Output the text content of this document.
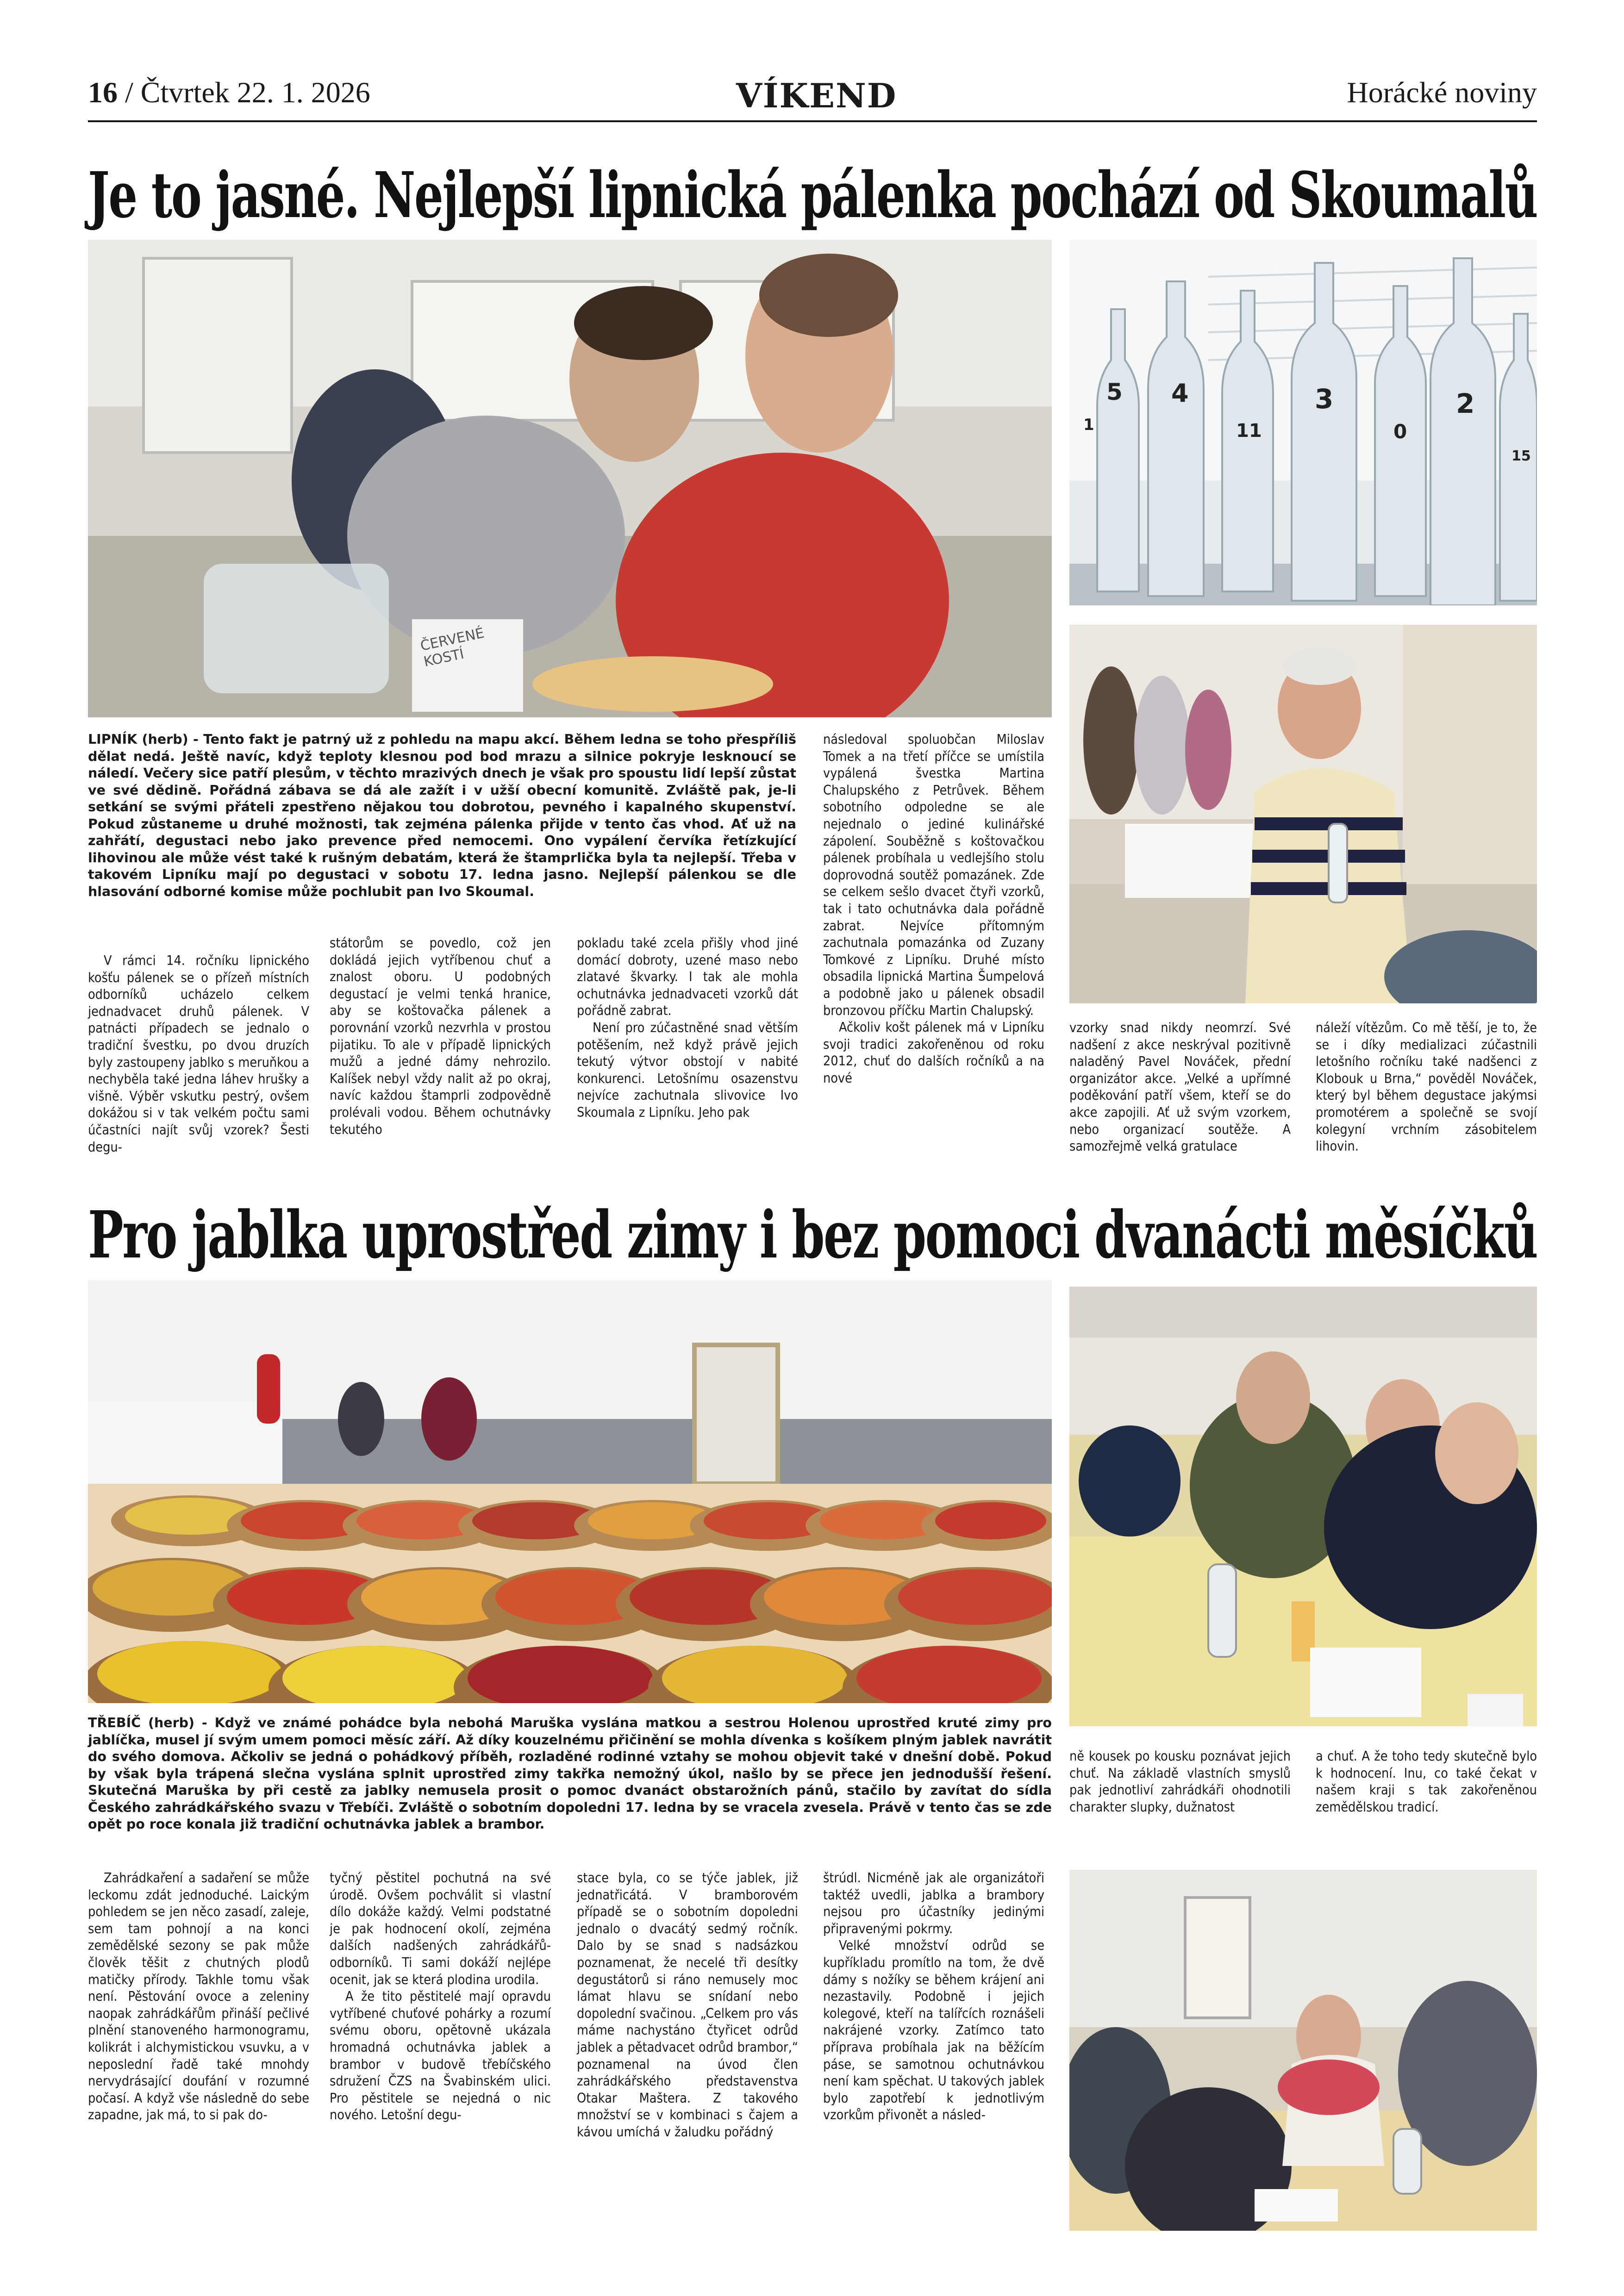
16 / Čtvrtek 22. 1. 2026	VÍKEND	Horácké noviny
Je to jasné. Nejlepší lipnická pálenka pochází od Skoumalů
ČERVENÉ KOSTÍ
5 4
11
3
0
2
15
1
LIPNÍK (herb) - Tento fakt je patrný už z pohledu na mapu akcí. Během ledna se toho přespříliš dělat nedá. Ještě navíc, když teploty klesnou pod bod mrazu a silnice pokryje lesknoucí se náledí. Večery sice patří plesům, v těchto mrazivých dnech je však pro spoustu lidí lepší zůstat ve své dědině. Pořádná zábava se dá ale zažít i v užší obecní komunitě. Zvláště pak, je-li setkání se svými přáteli zpestřeno nějakou tou dobrotou, pevného i kapalného skupenství. Pokud zůstaneme u druhé možnosti, tak zejména pálenka přijde v tento čas vhod. Ať už na zahřátí, degustaci nebo jako prevence před nemocemi. Ono vypálení červíka řetízkující lihovinou ale může vést také k rušným debatám, která že štamprlička byla ta nejlepší. Třeba v takovém Lipníku mají po degustaci v sobotu 17. ledna jasno. Nejlepší pálenkou se dle hlasování odborné komise může pochlubit pan Ivo Skoumal.

V rámci 14. ročníku lipnického košťu pálenek se o přízeň místních odborníků ucházelo celkem jednadvacet druhů pálenek. V patnácti případech se jednalo o tradiční švestku, po dvou druzích byly zastoupeny jablko s meruňkou a nechyběla také jedna láhev hrušky a višně. Výběr vskutku pestrý, ovšem dokážou si v tak velkém počtu sami účastníci najít svůj vzorek? Šesti degu-

státorům se povedlo, což jen dokládá jejich vytříbenou chuť a znalost oboru. U podobných degustací je velmi tenká hranice, aby se koštovačka pálenek a porovnání vzorků nezvrhla v prostou pijatiku. To ale v případě lipnických mužů a jedné dámy nehrozilo. Kalíšek nebyl vždy nalit až po okraj, navíc každou štamprli zodpovědně prolévali vodou. Během ochutnávky tekutého

pokladu také zcela přišly vhod jiné domácí dobroty, uzené maso nebo zlatavé škvarky. I tak ale mohla ochutnávka jednadvaceti vzorků dát pořádně zabrat.

Není pro zúčastněné snad větším potěšením, než když právě jejich tekutý výtvor obstojí v nabité konkurenci. Letošnímu osazenstvu nejvíce zachutnala slivovice Ivo Skoumala z Lipníku. Jeho pak

následoval spoluobčan Miloslav Tomek a na třetí příčce se umístila vypálená švestka Martina Chalupského z Petrůvek. Během sobotního odpoledne se ale nejednalo o jediné kulinářské zápolení. Souběžně s koštovačkou pálenek probíhala u vedlejšího stolu doprovodná soutěž pomazánek. Zde se celkem sešlo dvacet čtyři vzorků, tak i tato ochutnávka dala pořádně zabrat. Nejvíce přítomným zachutnala pomazánka od Zuzany Tomkové z Lipníku. Druhé místo obsadila lipnická Martina Šumpelová a podobně jako u pálenek obsadil bronzovou příčku Martin Chalupský.

Ačkoliv košt pálenek má v Lipníku svoji tradici zakořeněnou od roku 2012, chuť do dalších ročníků a na nové

vzorky snad nikdy neomrzí. Své nadšení z akce neskrýval pozitivně naladěný Pavel Nováček, přední organizátor akce. „Velké a upřímné poděkování patří všem, kteří se do akce zapojili. Ať už svým vzorkem, nebo organizací soutěže. A samozřejmě velká gratulace

náleží vítězům. Co mě těší, je to, že se i díky medializaci zúčastnili letošního ročníku také nadšenci z Klobouk u Brna,“ pověděl Nováček, který byl během degustace jakýmsi promotérem a společně se svojí kolegyní vrchním zásobitelem lihovin.

Pro jablka uprostřed zimy i bez pomoci dvanácti měsíčků
TŘEBÍČ (herb) - Když ve známé pohádce byla nebohá Maruška vyslána matkou a sestrou Holenou uprostřed kruté zimy pro jablíčka, musel jí svým umem pomoci měsíc září. Až díky kouzelnému přičinění se mohla dívenka s košíkem plným jablek navrátit do svého domova. Ačkoliv se jedná o pohádkový příběh, rozladěné rodinné vztahy se mohou objevit také v dnešní době. Pokud by však byla trápená slečna vyslána splnit uprostřed zimy takřka nemožný úkol, našlo by se přece jen jednodušší řešení. Skutečná Maruška by při cestě za jablky nemusela prosit o pomoc dvanáct obstarožních pánů, stačilo by zavítat do sídla Českého zahrádkářského svazu v Třebíči. Zvláště o sobotním dopoledni 17. ledna by se vracela zvesela. Právě v tento čas se zde opět po roce konala již tradiční ochutnávka jablek a brambor.

Zahrádkaření a sadaření se může leckomu zdát jednoduché. Laickým pohledem se jen něco zasadí, zaleje, sem tam pohnojí a na konci zemědělské sezony se pak může člověk těšit z chutných plodů matičky přírody. Takhle tomu však není. Pěstování ovoce a zeleniny naopak zahrádkářům přináší pečlivé plnění stanoveného harmonogramu, kolikrát i alchymistickou vsuvku, a v neposlední řadě také mnohdy nervydrásající doufání v rozumné počasí. A když vše následně do sebe zapadne, jak má, to si pak do-

tyčný pěstitel pochutná na své úrodě. Ovšem pochválit si vlastní dílo dokáže každý. Velmi podstatné je pak hodnocení okolí, zejména dalších nadšených zahrádkářů-odborníků. Ti sami dokáží nejlépe ocenit, jak se která plodina urodila.

A že tito pěstitelé mají opravdu vytříbené chuťové pohárky a rozumí svému oboru, opětovně ukázala hromadná ochutnávka jablek a brambor v budově třebíčského sdružení ČZS na Švabinském ulici. Pro pěstitele se nejedná o nic nového. Letošní degu-

stace byla, co se týče jablek, již jednatřicátá. V bramborovém případě se o sobotním dopoledni jednalo o dvacátý sedmý ročník. Dalo by se snad s nadsázkou poznamenat, že necelé tři desítky degustátorů si ráno nemusely moc lámat hlavu se snídaní nebo dopolední svačinou. „Celkem pro vás máme nachystáno čtyřicet odrůd jablek a pětadvacet odrůd brambor,“ poznamenal na úvod člen zahrádkářského představenstva Otakar Maštera. Z takového množství se v kombinaci s čajem a kávou umíchá v žaludku pořádný

štrúdl. Nicméně jak ale organizátoři taktéž uvedli, jablka a brambory nejsou pro účastníky jedinými připravenými pokrmy.

Velké množství odrůd se kupříkladu promítlo na tom, že dvě dámy s nožíky se během krájení ani nezastavily. Podobně i jejich kolegové, kteří na talířcích roznášeli nakrájené vzorky. Zatímco tato příprava probíhala jak na běžícím páse, se samotnou ochutnávkou není kam spěchat. U takových jablek bylo zapotřebí k jednotlivým vzorkům přivonět a násled-

ně kousek po kousku poznávat jejich chuť. Na základě vlastních smyslů pak jednotliví zahrádkáři ohodnotili charakter slupky, dužnatost

a chuť. A že toho tedy skutečně bylo k hodnocení. Inu, co také čekat v našem kraji s tak zakořeněnou zemědělskou tradicí.
